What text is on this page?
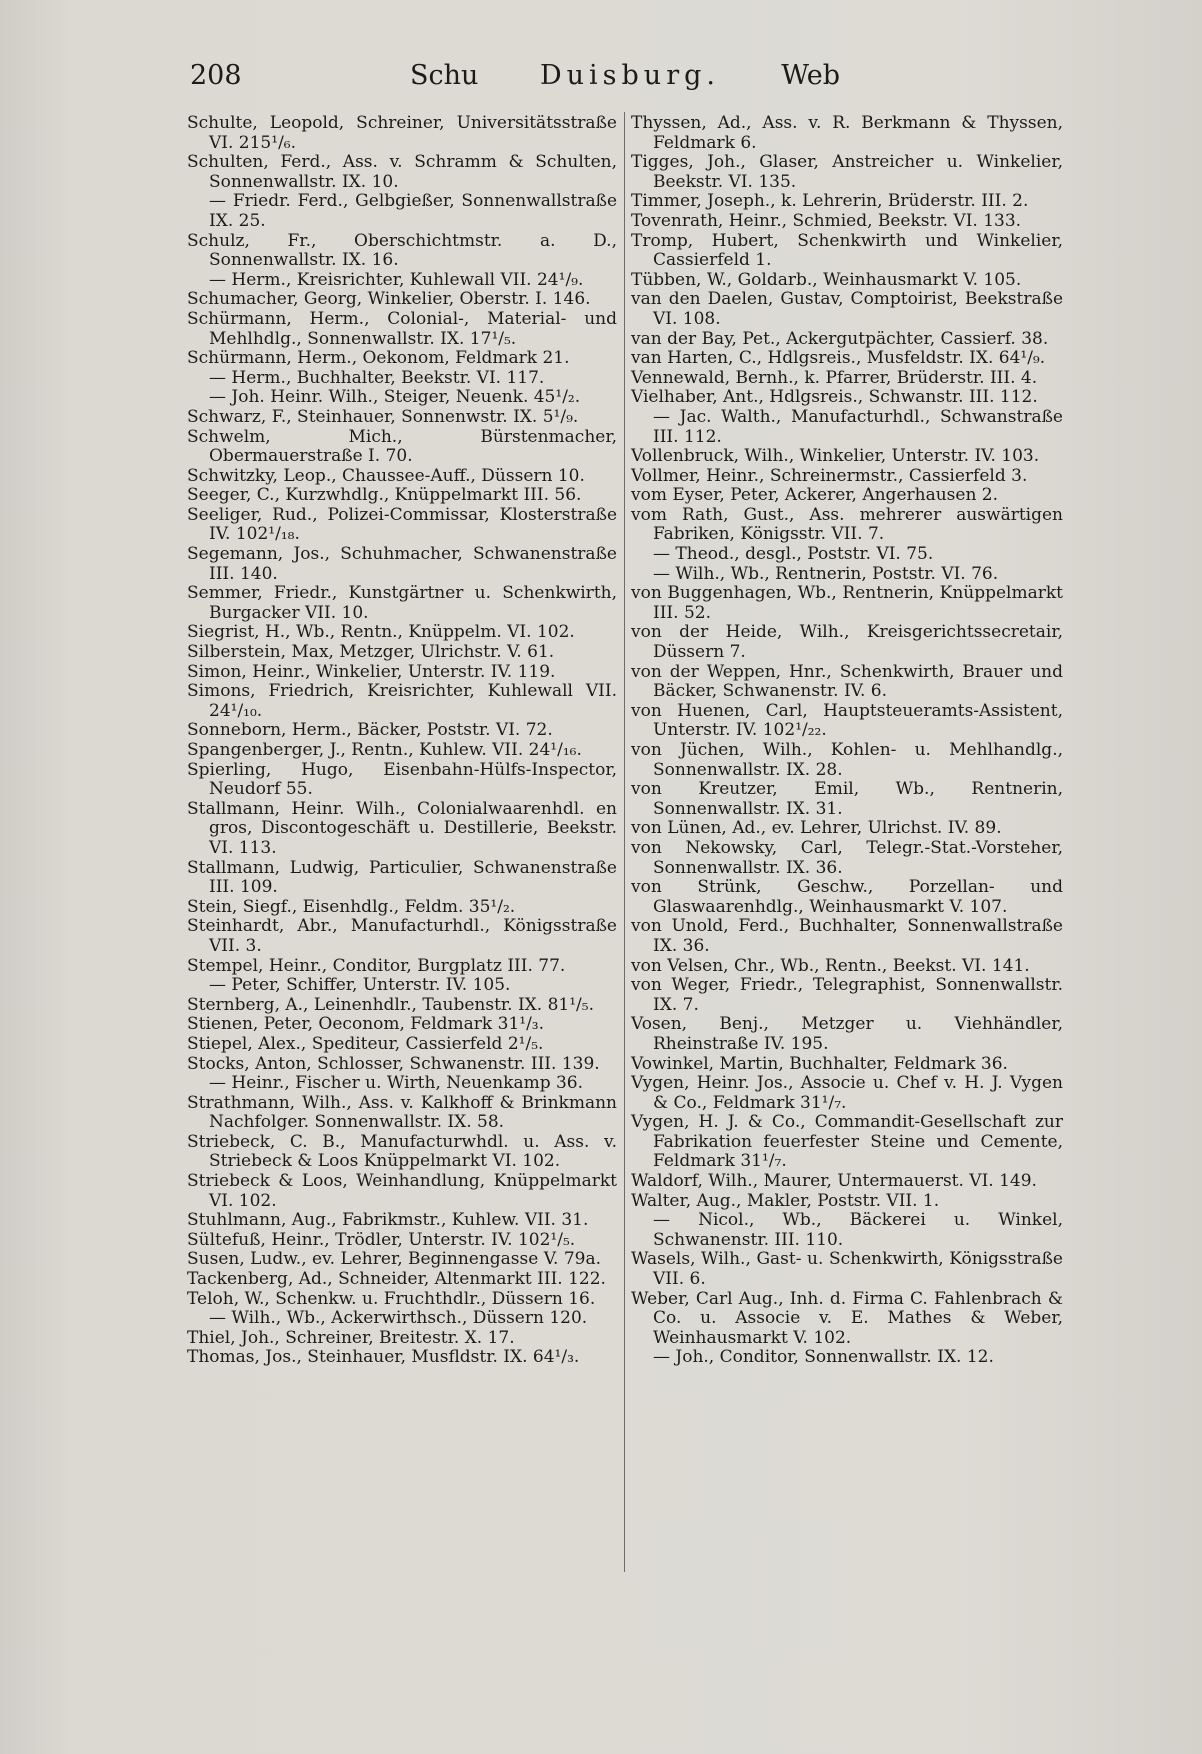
208	Schu Duisburg. Web

Schulte, Leopold, Schreiner, Universitätsstraße VI. 215¹/₆.

Schulten, Ferd., Ass. v. Schramm & Schulten, Sonnenwallstr. IX. 10.

— Friedr. Ferd., Gelbgießer, Sonnenwallstraße IX. 25.

Schulz, Fr., Oberschichtmstr. a. D., Sonnenwallstr. IX. 16.

— Herm., Kreisrichter, Kuhlewall VII. 24¹/₉.

Schumacher, Georg, Winkelier, Oberstr. I. 146.

Schürmann, Herm., Colonial-, Material- und Mehlhdlg., Sonnenwallstr. IX. 17¹/₅.

Schürmann, Herm., Oekonom, Feldmark 21.

— Herm., Buchhalter, Beekstr. VI. 117.

— Joh. Heinr. Wilh., Steiger, Neuenk. 45¹/₂.

Schwarz, F., Steinhauer, Sonnenwstr. IX. 5¹/₉.

Schwelm, Mich., Bürstenmacher, Obermauerstraße I. 70.

Schwitzky, Leop., Chaussee-Auff., Düssern 10.

Seeger, C., Kurzwhdlg., Knüppelmarkt III. 56.

Seeliger, Rud., Polizei-Commissar, Klosterstraße IV. 102¹/₁₈.

Segemann, Jos., Schuhmacher, Schwanenstraße III. 140.

Semmer, Friedr., Kunstgärtner u. Schenkwirth, Burgacker VII. 10.

Siegrist, H., Wb., Rentn., Knüppelm. VI. 102.

Silberstein, Max, Metzger, Ulrichstr. V. 61.

Simon, Heinr., Winkelier, Unterstr. IV. 119.

Simons, Friedrich, Kreisrichter, Kuhlewall VII. 24¹/₁₀.

Sonneborn, Herm., Bäcker, Poststr. VI. 72.

Spangenberger, J., Rentn., Kuhlew. VII. 24¹/₁₆.

Spierling, Hugo, Eisenbahn-Hülfs-Inspector, Neudorf 55.

Stallmann, Heinr. Wilh., Colonialwaarenhdl. en gros, Discontogeschäft u. Destillerie, Beekstr. VI. 113.

Stallmann, Ludwig, Particulier, Schwanenstraße III. 109.

Stein, Siegf., Eisenhdlg., Feldm. 35¹/₂.

Steinhardt, Abr., Manufacturhdl., Königsstraße VII. 3.

Stempel, Heinr., Conditor, Burgplatz III. 77.

— Peter, Schiffer, Unterstr. IV. 105.

Sternberg, A., Leinenhdlr., Taubenstr. IX. 81¹/₅.

Stienen, Peter, Oeconom, Feldmark 31¹/₃.

Stiepel, Alex., Spediteur, Cassierfeld 2¹/₅.

Stocks, Anton, Schlosser, Schwanenstr. III. 139.

— Heinr., Fischer u. Wirth, Neuenkamp 36.

Strathmann, Wilh., Ass. v. Kalkhoff & Brinkmann Nachfolger. Sonnenwallstr. IX. 58.

Striebeck, C. B., Manufacturwhdl. u. Ass. v. Striebeck & Loos Knüppelmarkt VI. 102.

Striebeck & Loos, Weinhandlung, Knüppelmarkt VI. 102.

Stuhlmann, Aug., Fabrikmstr., Kuhlew. VII. 31.

Sültefuß, Heinr., Trödler, Unterstr. IV. 102¹/₅.

Susen, Ludw., ev. Lehrer, Beginnengasse V. 79a.

Tackenberg, Ad., Schneider, Altenmarkt III. 122.

Teloh, W., Schenkw. u. Fruchthdlr., Düssern 16.

— Wilh., Wb., Ackerwirthsch., Düssern 120.

Thiel, Joh., Schreiner, Breitestr. X. 17.

Thomas, Jos., Steinhauer, Musfldstr. IX. 64¹/₃.

Thyssen, Ad., Ass. v. R. Berkmann & Thyssen, Feldmark 6.

Tigges, Joh., Glaser, Anstreicher u. Winkelier, Beekstr. VI. 135.

Timmer, Joseph., k. Lehrerin, Brüderstr. III. 2.

Tovenrath, Heinr., Schmied, Beekstr. VI. 133.

Tromp, Hubert, Schenkwirth und Winkelier, Cassierfeld 1.

Tübben, W., Goldarb., Weinhausmarkt V. 105.

van den Daelen, Gustav, Comptoirist, Beekstraße VI. 108.

van der Bay, Pet., Ackergutpächter, Cassierf. 38.

van Harten, C., Hdlgsreis., Musfeldstr. IX. 64¹/₉.

Vennewald, Bernh., k. Pfarrer, Brüderstr. III. 4.

Vielhaber, Ant., Hdlgsreis., Schwanstr. III. 112.

— Jac. Walth., Manufacturhdl., Schwanstraße III. 112.

Vollenbruck, Wilh., Winkelier, Unterstr. IV. 103.

Vollmer, Heinr., Schreinermstr., Cassierfeld 3.

vom Eyser, Peter, Ackerer, Angerhausen 2.

vom Rath, Gust., Ass. mehrerer auswärtigen Fabriken, Königsstr. VII. 7.

— Theod., desgl., Poststr. VI. 75.

— Wilh., Wb., Rentnerin, Poststr. VI. 76.

von Buggenhagen, Wb., Rentnerin, Knüppelmarkt III. 52.

von der Heide, Wilh., Kreisgerichtssecretair, Düssern 7.

von der Weppen, Hnr., Schenkwirth, Brauer und Bäcker, Schwanenstr. IV. 6.

von Huenen, Carl, Hauptsteueramts-Assistent, Unterstr. IV. 102¹/₂₂.

von Jüchen, Wilh., Kohlen- u. Mehlhandlg., Sonnenwallstr. IX. 28.

von Kreutzer, Emil, Wb., Rentnerin, Sonnenwallstr. IX. 31.

von Lünen, Ad., ev. Lehrer, Ulrichst. IV. 89.

von Nekowsky, Carl, Telegr.-Stat.-Vorsteher, Sonnenwallstr. IX. 36.

von Strünk, Geschw., Porzellan- und Glaswaarenhdlg., Weinhausmarkt V. 107.

von Unold, Ferd., Buchhalter, Sonnenwallstraße IX. 36.

von Velsen, Chr., Wb., Rentn., Beekst. VI. 141.

von Weger, Friedr., Telegraphist, Sonnenwallstr. IX. 7.

Vosen, Benj., Metzger u. Viehhändler, Rheinstraße IV. 195.

Vowinkel, Martin, Buchhalter, Feldmark 36.

Vygen, Heinr. Jos., Associe u. Chef v. H. J. Vygen & Co., Feldmark 31¹/₇.

Vygen, H. J. & Co., Commandit-Gesellschaft zur Fabrikation feuerfester Steine und Cemente, Feldmark 31¹/₇.

Waldorf, Wilh., Maurer, Untermauerst. VI. 149.

Walter, Aug., Makler, Poststr. VII. 1.

— Nicol., Wb., Bäckerei u. Winkel, Schwanenstr. III. 110.

Wasels, Wilh., Gast- u. Schenkwirth, Königsstraße VII. 6.

Weber, Carl Aug., Inh. d. Firma C. Fahlenbrach & Co. u. Associe v. E. Mathes & Weber, Weinhausmarkt V. 102.

— Joh., Conditor, Sonnenwallstr. IX. 12.
